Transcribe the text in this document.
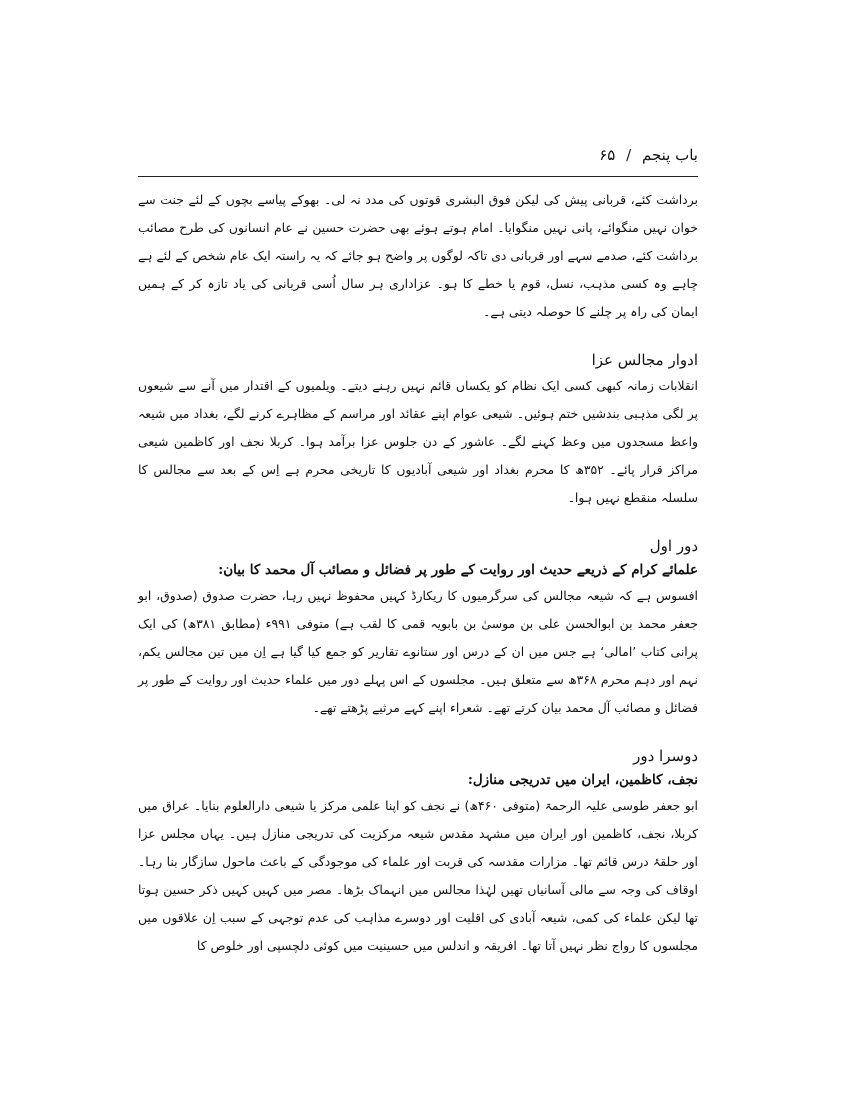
باب پنجم / ۶۵

برداشت کئے، قربانی پیش کی لیکن فوق البشری قوتوں کی مدد نہ لی۔ بھوکے پیاسے بچوں کے لئے جنت سے خوان نہیں منگوائے، پانی نہیں منگوایا۔ امام ہوتے ہوئے بھی حضرت حسین نے عام انسانوں کی طرح مصائب برداشت کئے، صدمے سہے اور قربانی دی تاکہ لوگوں پر واضح ہو جائے کہ یہ راستہ ایک عام شخص کے لئے ہے چاہے وہ کسی مذہب، نسل، قوم یا خطے کا ہو۔ عزاداری ہر سال اُسی قربانی کی یاد تازہ کر کے ہمیں ایمان کی راہ پر چلنے کا حوصلہ دیتی ہے۔

ادوار مجالس عزا

انقلابات زمانہ کبھی کسی ایک نظام کو یکساں قائم نہیں رہنے دیتے۔ ویلمیوں کے اقتدار میں آنے سے شیعوں پر لگی مذہبی بندشیں ختم ہوئیں۔ شیعی عوام اپنے عقائد اور مراسم کے مظاہرے کرنے لگے، بغداد میں شیعہ واعظ مسجدوں میں وعظ کہنے لگے۔ عاشور کے دن جلوس عزا برآمد ہوا۔ کربلا نجف اور کاظمین شیعی مراکز قرار پائے۔ ۳۵۲ھ کا محرم بغداد اور شیعی آبادیوں کا تاریخی محرم ہے اِس کے بعد سے مجالس کا سلسلہ منقطع نہیں ہوا۔

دور اول

علمائے کرام کے ذریعے حدیث اور روایت کے طور پر فضائل و مصائب آل محمد کا بیان:

افسوس ہے کہ شیعہ مجالس کی سرگرمیوں کا ریکارڈ کہیں محفوظ نہیں رہا، حضرت صدوق (صدوق، ابو جعفر محمد بن ابوالحسن علی بن موسیٰ بن بابویہ قمی کا لقب ہے) متوفی ۹۹۱ء (مطابق ۳۸۱ھ) کی ایک پرانی کتاب ’امالی‘ ہے جس میں ان کے درس اور ستانوے تقاریر کو جمع کیا گیا ہے اِن میں تین مجالس یکم، نہم اور دہم محرم ۳۶۸ھ سے متعلق ہیں۔ مجلسوں کے اس پہلے دور میں علماء حدیث اور روایت کے طور پر فضائل و مصائب آل محمد بیان کرتے تھے۔ شعراء اپنے کہے مرثیے پڑھتے تھے۔

دوسرا دور

نجف، کاظمین، ایران میں تدریجی منازل:

ابو جعفر طوسی علیہ الرحمۃ (متوفی ۴۶۰ھ) نے نجف کو اپنا علمی مرکز یا شیعی دارالعلوم بنایا۔ عراق میں کربلا، نجف، کاظمین اور ایران میں مشہد مقدس شیعہ مرکزیت کی تدریجی منازل ہیں۔ یہاں مجلس عزا اور حلقۂ درس قائم تھا۔ مزارات مقدسہ کی قربت اور علماء کی موجودگی کے باعث ماحول سازگار بنا رہا۔ اوقاف کی وجہ سے مالی آسانیاں تھیں لہٰذا مجالس میں انہماک بڑھا۔ مصر میں کہیں کہیں ذکر حسین ہوتا تھا لیکن علماء کی کمی، شیعہ آبادی کی اقلیت اور دوسرے مذاہب کی عدم توجہی کے سبب اِن علاقوں میں مجلسوں کا رواج نظر نہیں آتا تھا۔ افریقہ و اندلس میں حسینیت میں کوئی دلچسپی اور خلوص کا
